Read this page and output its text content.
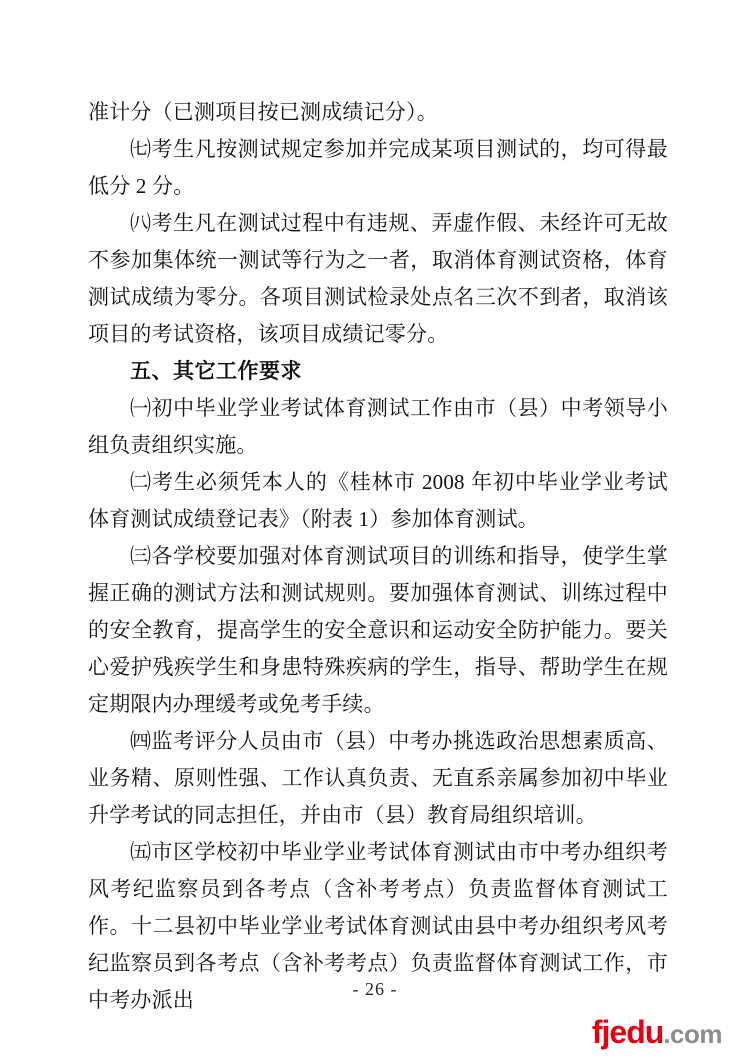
准计分（已测项目按已测成绩记分）。

㈦考生凡按测试规定参加并完成某项目测试的，均可得最低分 2 分。

㈧考生凡在测试过程中有违规、弄虚作假、未经许可无故不参加集体统一测试等行为之一者，取消体育测试资格，体育测试成绩为零分。各项目测试检录处点名三次不到者，取消该项目的考试资格，该项目成绩记零分。

五、其它工作要求

㈠初中毕业学业考试体育测试工作由市（县）中考领导小组负责组织实施。

㈡考生必须凭本人的《桂林市 2008 年初中毕业学业考试体育测试成绩登记表》（附表 1）参加体育测试。

㈢各学校要加强对体育测试项目的训练和指导，使学生掌握正确的测试方法和测试规则。要加强体育测试、训练过程中的安全教育，提高学生的安全意识和运动安全防护能力。要关心爱护残疾学生和身患特殊疾病的学生，指导、帮助学生在规定期限内办理缓考或免考手续。

㈣监考评分人员由市（县）中考办挑选政治思想素质高、业务精、原则性强、工作认真负责、无直系亲属参加初中毕业升学考试的同志担任，并由市（县）教育局组织培训。

㈤市区学校初中毕业学业考试体育测试由市中考办组织考风考纪监察员到各考点（含补考考点）负责监督体育测试工作。十二县初中毕业学业考试体育测试由县中考办组织考风考纪监察员到各考点（含补考考点）负责监督体育测试工作，市中考办派出	- 26 -
fjedu.com
